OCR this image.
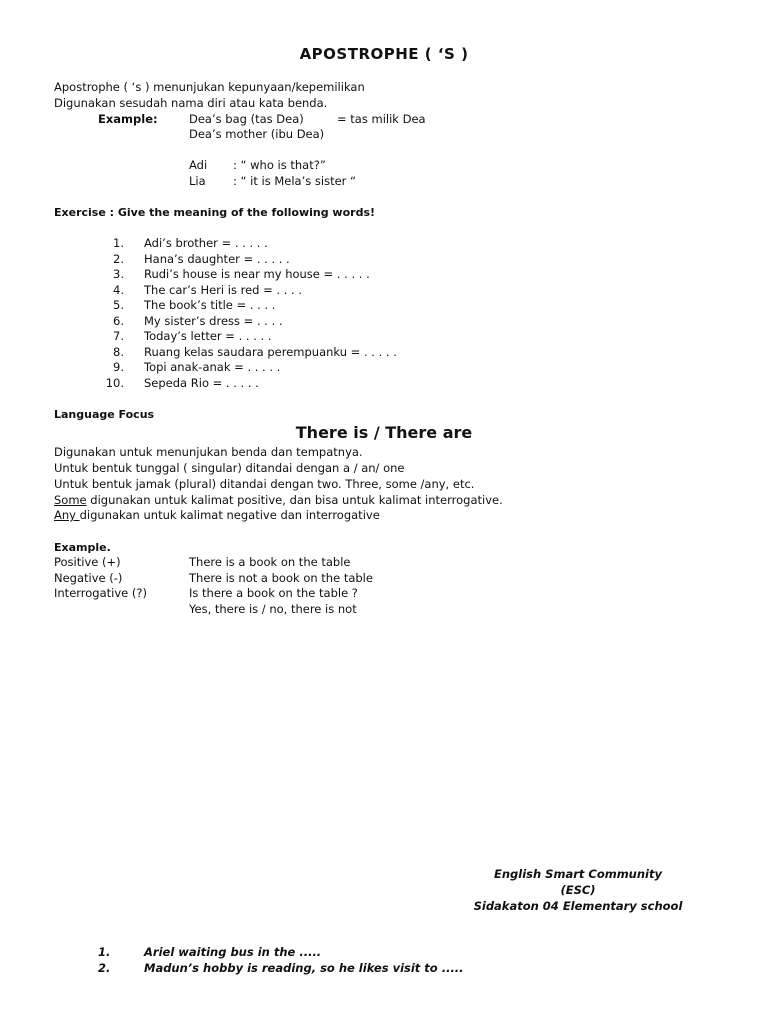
APOSTROPHE ( ‘S )
Apostrophe ( ‘s ) menunjukan kepunyaan/kepemilikan
Digunakan sesudah nama diri atau kata benda.
Example:	Dea’s bag (tas Dea)	= tas milik Dea
Dea’s mother (ibu Dea)
Adi : “ who is that?”
Lia : “ it is Mela’s sister “
Exercise : Give the meaning of the following words!
1. Adi’s brother = . . . . .
2. Hana’s daughter = . . . . .
3. Rudi’s house is near my house = . . . . .
4. The car’s Heri is red = . . . .
5. The book’s title = . . . .
6. My sister’s dress = . . . .
7. Today’s letter = . . . . .
8. Ruang kelas saudara perempuanku = . . . . .
9. Topi anak-anak = . . . . .
10. Sepeda Rio = . . . . .
Language Focus
There is / There are
Digunakan untuk menunjukan benda dan tempatnya.
Untuk bentuk tunggal ( singular) ditandai dengan a / an/ one
Untuk bentuk jamak (plural) ditandai dengan two. Three, some /any, etc.
Some digunakan untuk kalimat positive, dan bisa untuk kalimat interrogative.
Any digunakan untuk kalimat negative dan interrogative
Example.
Positive (+)	There is a book on the table
Negative (-)	There is not a book on the table
Interrogative (?)	Is there a book on the table ?
Yes, there is / no, there is not
English Smart Community
(ESC)
Sidakaton 04 Elementary school
1.	Ariel waiting bus in the .....
2.	Madun’s hobby is reading, so he likes visit to .....
